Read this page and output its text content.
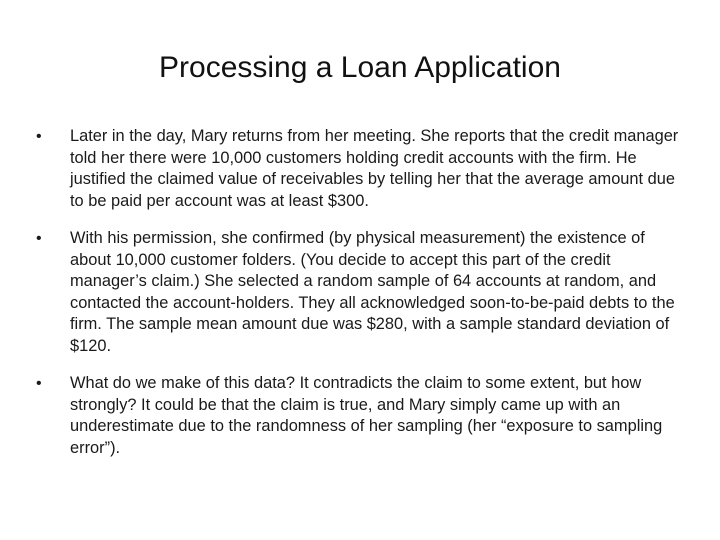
Processing a Loan Application
•	Later in the day, Mary returns from her meeting. She reports that the credit manager told her there were 10,000 customers holding credit accounts with the firm. He justified the claimed value of receivables by telling her that the average amount due to be paid per account was at least $300.
•	With his permission, she confirmed (by physical measurement) the existence of about 10,000 customer folders. (You decide to accept this part of the credit manager’s claim.) She selected a random sample of 64 accounts at random, and contacted the account-holders. They all acknowledged soon-to-be-paid debts to the firm. The sample mean amount due was $280, with a sample standard deviation of $120.
•	What do we make of this data? It contradicts the claim to some extent, but how strongly? It could be that the claim is true, and Mary simply came up with an underestimate due to the randomness of her sampling (her “exposure to sampling error”).
